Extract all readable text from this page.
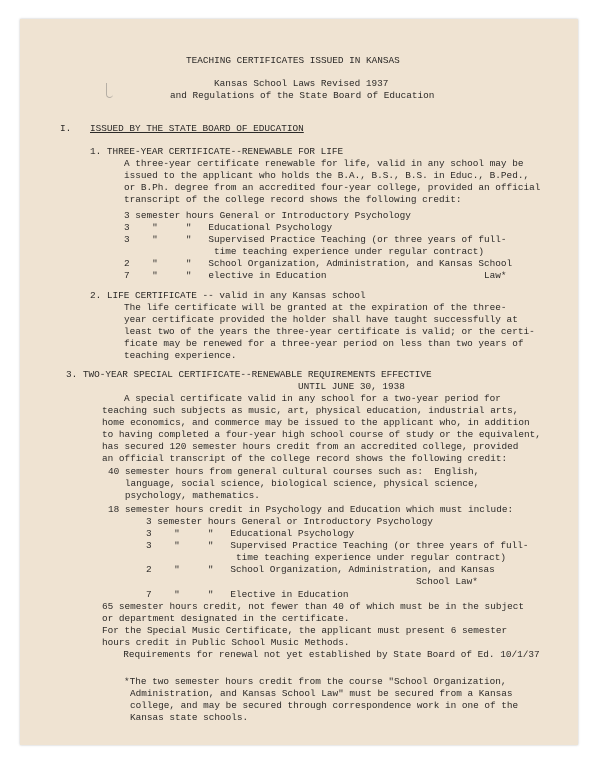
TEACHING CERTIFICATES ISSUED IN KANSAS
Kansas School Laws Revised 1937
and Regulations of the State Board of Education
I. ISSUED BY THE STATE BOARD OF EDUCATION
1. THREE-YEAR CERTIFICATE--RENEWABLE FOR LIFE
A three-year certificate renewable for life, valid in any school may be
issued to the applicant who holds the B.A., B.S., B.S. in Educ., B.Ped.,
or B.Ph. degree from an accredited four-year college, provided an official
transcript of the college record shows the following credit:
3 semester hours General or Introductory Psychology
3    "     "   Educational Psychology
3    "     "   Supervised Practice Teaching (or three years of full-
time teaching experience under regular contract)
2    "     "   School Organization, Administration, and Kansas School
7    "     "   elective in Education                            Law*
2. LIFE CERTIFICATE -- valid in any Kansas school
The life certificate will be granted at the expiration of the three-
year certificate provided the holder shall have taught successfully at
least two of the years the three-year certificate is valid; or the certi-
ficate may be renewed for a three-year period on less than two years of
teaching experience.
3. TWO-YEAR SPECIAL CERTIFICATE--RENEWABLE REQUIREMENTS EFFECTIVE
UNTIL JUNE 30, 1938
A special certificate valid in any school for a two-year period for
teaching such subjects as music, art, physical education, industrial arts,
home economics, and commerce may be issued to the applicant who, in addition
to having completed a four-year high school course of study or the equivalent,
has secured 120 semester hours credit from an accredited college, provided
an official transcript of the college record shows the following credit:
40 semester hours from general cultural courses such as:  English,
language, social science, biological science, physical science,
psychology, mathematics.
18 semester hours credit in Psychology and Education which must include:
3 semester hours General or Introductory Psychology
3    "     "   Educational Psychology
3    "     "   Supervised Practice Teaching (or three years of full-
time teaching experience under regular contract)
2    "     "   School Organization, Administration, and Kansas
School Law*
7    "     "   Elective in Education
65 semester hours credit, not fewer than 40 of which must be in the subject
or department designated in the certificate.
For the Special Music Certificate, the applicant must present 6 semester
hours credit in Public School Music Methods.
Requirements for renewal not yet established by State Board of Ed. 10/1/37
*The two semester hours credit from the course "School Organization,
Administration, and Kansas School Law" must be secured from a Kansas
college, and may be secured through correspondence work in one of the
Kansas state schools.
